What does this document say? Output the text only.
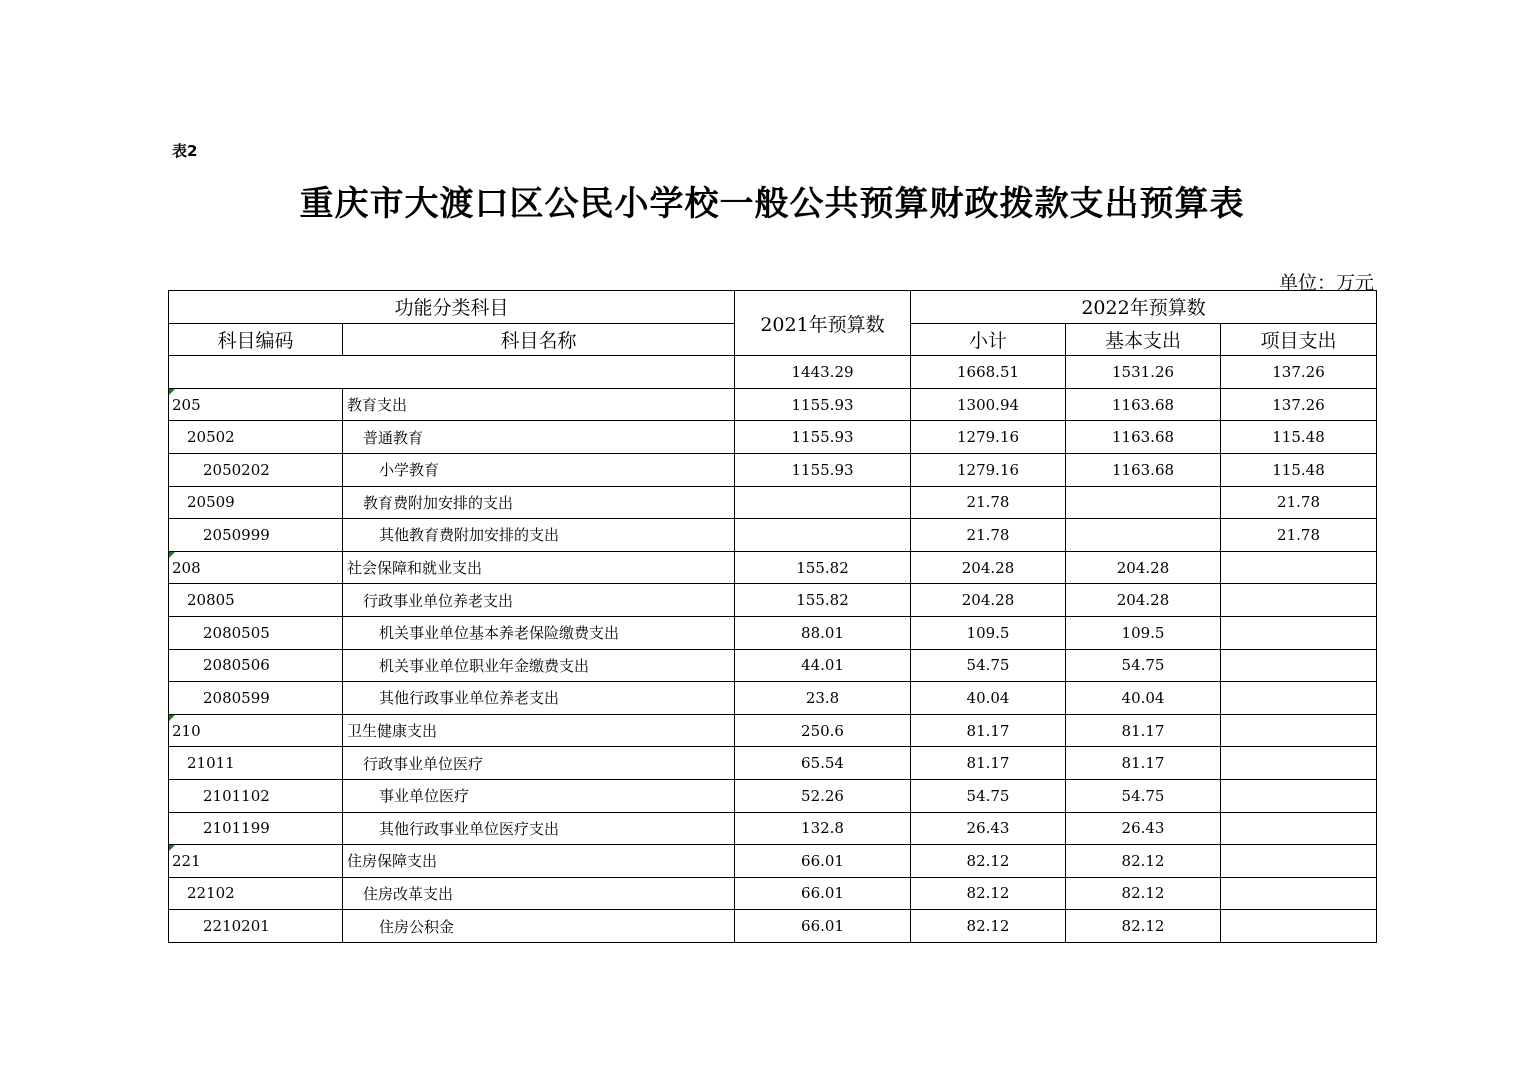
表2
重庆市大渡口区公民小学校一般公共预算财政拨款支出预算表
单位：万元
功能分类科目		2021年预算数	2022年预算数		
科目编码	科目名称		小计	基本支出	项目支出
		1443.29	1668.51	1531.26	137.26

205	教育支出	1155.93	1300.94	1163.68	137.26
20502	普通教育	1155.93	1279.16	1163.68	115.48
2050202	小学教育	1155.93	1279.16	1163.68	115.48
20509	教育费附加安排的支出		21.78		21.78
2050999	其他教育费附加安排的支出		21.78		21.78

208	社会保障和就业支出	155.82	204.28	204.28	
20805	行政事业单位养老支出	155.82	204.28	204.28	
2080505	机关事业单位基本养老保险缴费支出	88.01	109.5	109.5	
2080506	机关事业单位职业年金缴费支出	44.01	54.75	54.75	
2080599	其他行政事业单位养老支出	23.8	40.04	40.04	

210	卫生健康支出	250.6	81.17	81.17	
21011	行政事业单位医疗	65.54	81.17	81.17	
2101102	事业单位医疗	52.26	54.75	54.75	
2101199	其他行政事业单位医疗支出	132.8	26.43	26.43	

221	住房保障支出	66.01	82.12	82.12	
22102	住房改革支出	66.01	82.12	82.12	
2210201	住房公积金	66.01	82.12	82.12	
